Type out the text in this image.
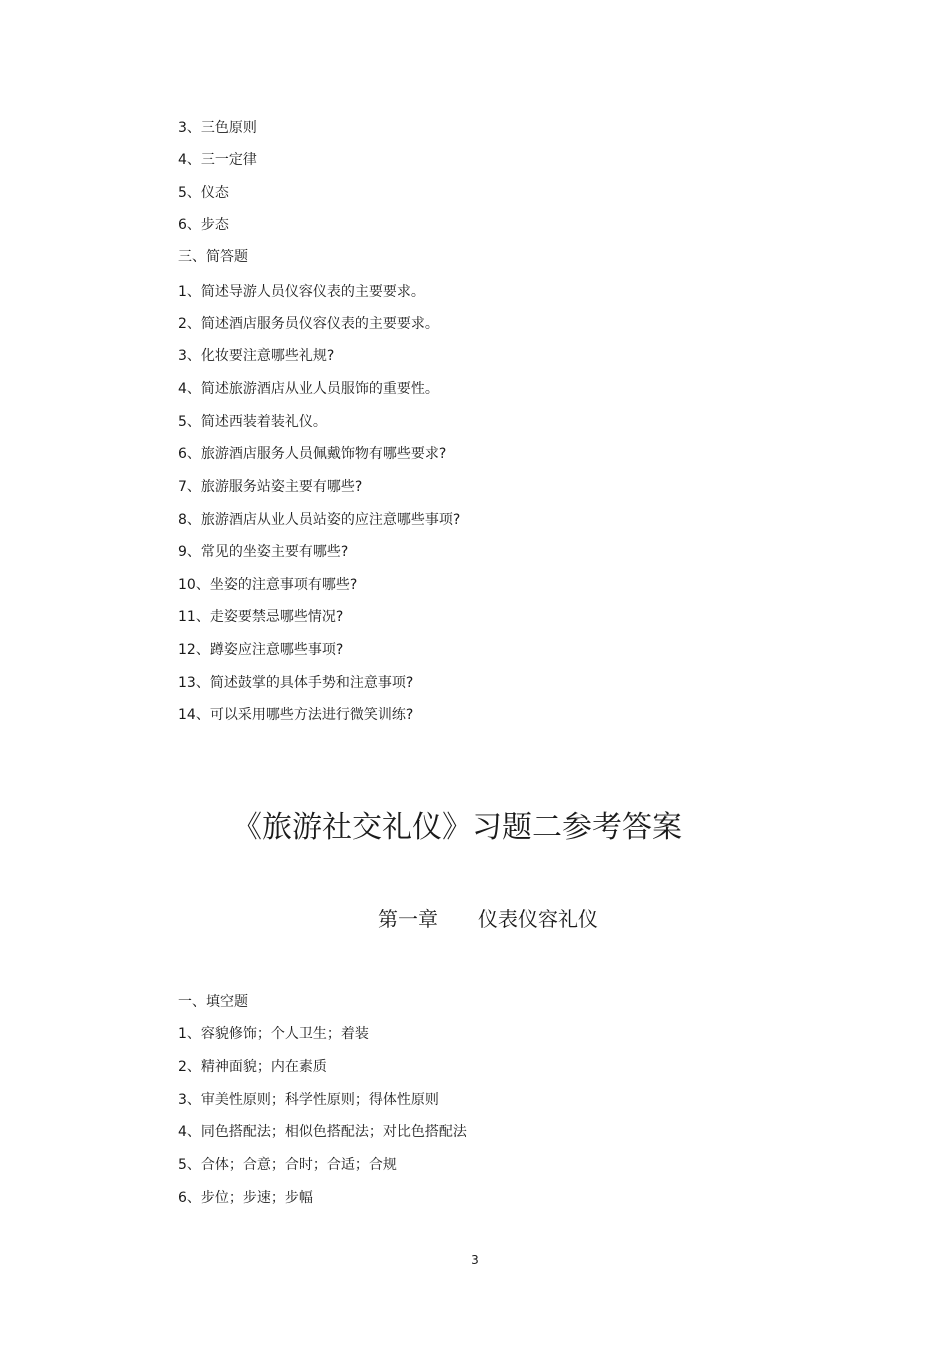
3、三色原则
4、三一定律
5、仪态
6、步态
三、简答题
1、简述导游人员仪容仪表的主要要求。
2、简述酒店服务员仪容仪表的主要要求。
3、化妆要注意哪些礼规?
4、简述旅游酒店从业人员服饰的重要性。
5、简述西装着装礼仪。
6、旅游酒店服务人员佩戴饰物有哪些要求?
7、旅游服务站姿主要有哪些?
8、旅游酒店从业人员站姿的应注意哪些事项?
9、常见的坐姿主要有哪些?
10、坐姿的注意事项有哪些?
11、走姿要禁忌哪些情况?
12、蹲姿应注意哪些事项?
13、简述鼓掌的具体手势和注意事项?
14、可以采用哪些方法进行微笑训练?
《旅游社交礼仪》习题二参考答案
第一章 仪表仪容礼仪
一、填空题
1、容貌修饰；个人卫生；着装
2、精神面貌；内在素质
3、审美性原则；科学性原则；得体性原则
4、同色搭配法；相似色搭配法；对比色搭配法
5、合体；合意；合时；合适；合规
6、步位；步速；步幅
3
